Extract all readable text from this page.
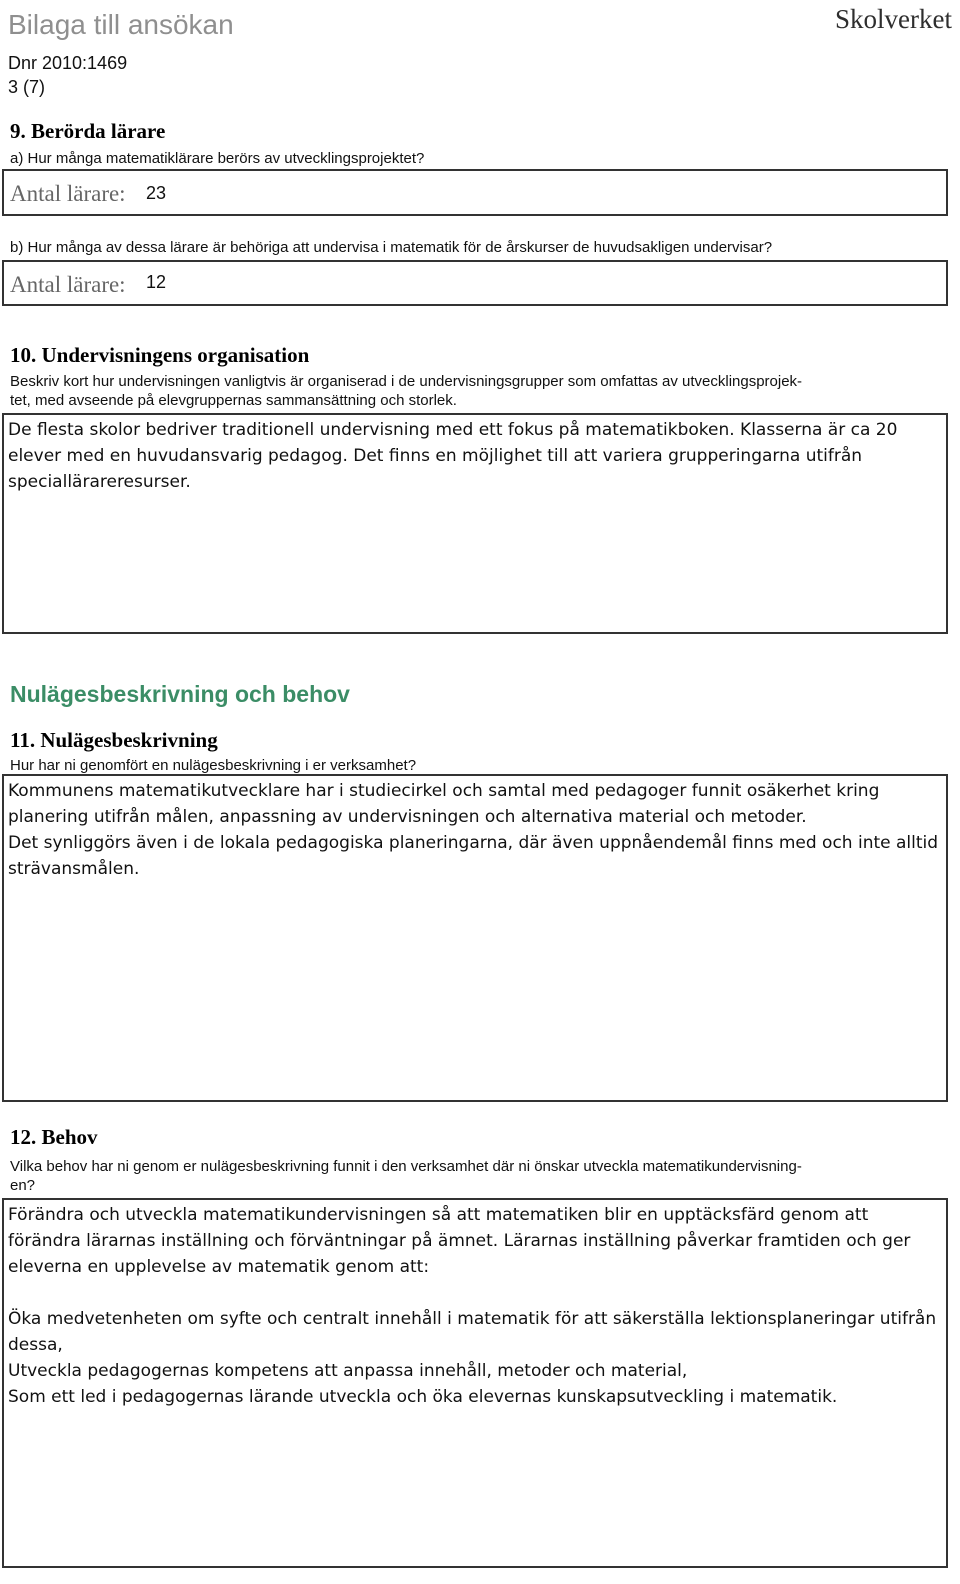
Bilaga till ansökan	Skolverket
Dnr 2010:1469
3 (7)
9. Berörda lärare
a) Hur många matematiklärare berörs av utvecklingsprojektet?
Antal lärare: 23
b) Hur många av dessa lärare är behöriga att undervisa i matematik för de årskurser de huvudsakligen undervisar?
Antal lärare: 12
10. Undervisningens organisation
Beskriv kort hur undervisningen vanligtvis är organiserad i de undervisningsgrupper som omfattas av utvecklingsprojek-
tet, med avseende på elevgruppernas sammansättning och storlek.
De flesta skolor bedriver traditionell undervisning med ett fokus på matematikboken. Klasserna är ca 20 elever med en huvudansvarig pedagog. Det finns en möjlighet till att variera grupperingarna utifrån speciallärareresurser.
Nulägesbeskrivning och behov
11. Nulägesbeskrivning
Hur har ni genomfört en nulägesbeskrivning i er verksamhet?

Kommunens matematikutvecklare har i studiecirkel och samtal med pedagoger funnit osäkerhet kring planering utifrån målen, anpassning av undervisningen och alternativa material och metoder.

Det synliggörs även i de lokala pedagogiska planeringarna, där även uppnåendemål finns med och inte alltid strävansmålen.

12. Behov
Vilka behov har ni genom er nulägesbeskrivning funnit i den verksamhet där ni önskar utveckla matematikundervisning-
en?

Förändra och utveckla matematikundervisningen så att matematiken blir en upptäcksfärd genom att förändra lärarnas inställning och förväntningar på ämnet. Lärarnas inställning påverkar framtiden och ger eleverna en upplevelse av matematik genom att:

Öka medvetenheten om syfte och centralt innehåll i matematik för att säkerställa lektionsplaneringar utifrån dessa,

Utveckla pedagogernas kompetens att anpassa innehåll, metoder och material,

Som ett led i pedagogernas lärande utveckla och öka elevernas kunskapsutveckling i matematik.
